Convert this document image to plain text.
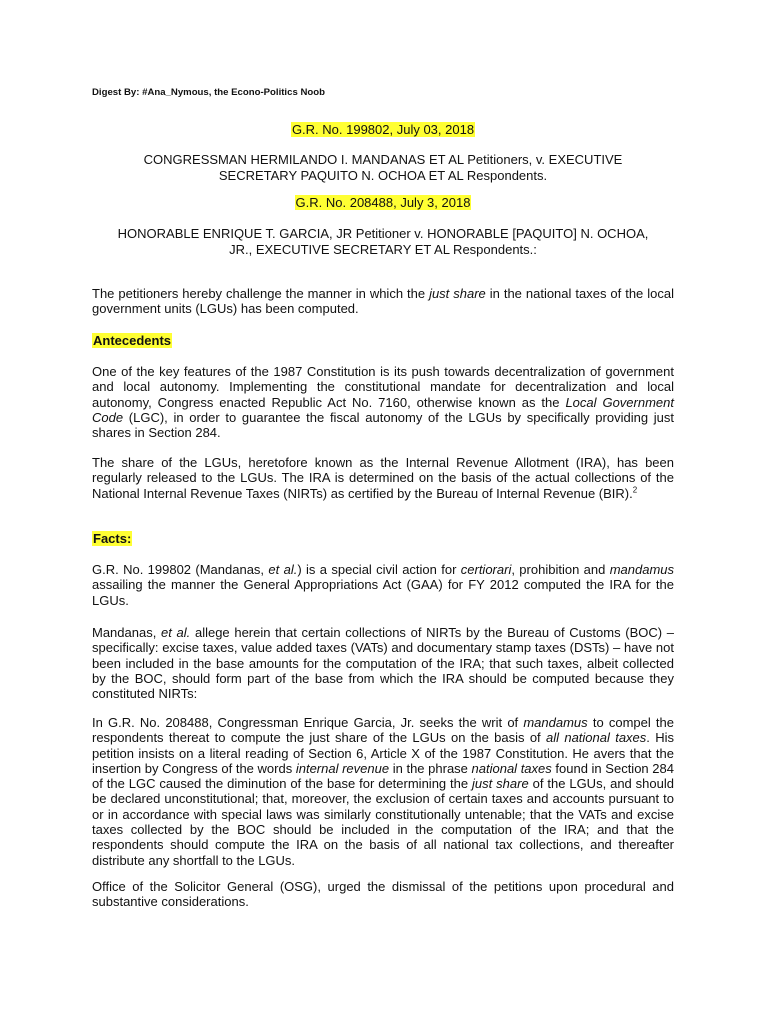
Digest By: #Ana_Nymous, the Econo-Politics Noob
G.R. No. 199802, July 03, 2018
CONGRESSMAN HERMILANDO I. MANDANAS ET AL Petitioners, v. EXECUTIVE
SECRETARY PAQUITO N. OCHOA ET AL Respondents.
G.R. No. 208488, July 3, 2018
HONORABLE ENRIQUE T. GARCIA, JR Petitioner v. HONORABLE [PAQUITO] N. OCHOA,
JR., EXECUTIVE SECRETARY ET AL Respondents.:

The petitioners hereby challenge the manner in which the just share in the national taxes of the local government units (LGUs) has been computed.

Antecedents

One of the key features of the 1987 Constitution is its push towards decentralization of government and local autonomy. Implementing the constitutional mandate for decentralization and local autonomy, Congress enacted Republic Act No. 7160, otherwise known as the Local Government Code (LGC), in order to guarantee the fiscal autonomy of the LGUs by specifically providing just shares in Section 284.

The share of the LGUs, heretofore known as the Internal Revenue Allotment (IRA), has been regularly released to the LGUs. The IRA is determined on the basis of the actual collections of the National Internal Revenue Taxes (NIRTs) as certified by the Bureau of Internal Revenue (BIR).$^2$

Facts:

G.R. No. 199802 (Mandanas, et al.) is a special civil action for certiorari, prohibition and mandamus assailing the manner the General Appropriations Act (GAA) for FY 2012 computed the IRA for the LGUs.

Mandanas, et al. allege herein that certain collections of NIRTs by the Bureau of Customs (BOC) – specifically: excise taxes, value added taxes (VATs) and documentary stamp taxes (DSTs) – have not been included in the base amounts for the computation of the IRA; that such taxes, albeit collected by the BOC, should form part of the base from which the IRA should be computed because they constituted NIRTs:

In G.R. No. 208488, Congressman Enrique Garcia, Jr. seeks the writ of mandamus to compel the respondents thereat to compute the just share of the LGUs on the basis of all national taxes. His petition insists on a literal reading of Section 6, Article X of the 1987 Constitution. He avers that the insertion by Congress of the words internal revenue in the phrase national taxes found in Section 284 of the LGC caused the diminution of the base for determining the just share of the LGUs, and should be declared unconstitutional; that, moreover, the exclusion of certain taxes and accounts pursuant to or in accordance with special laws was similarly constitutionally untenable; that the VATs and excise taxes collected by the BOC should be included in the computation of the IRA; and that the respondents should compute the IRA on the basis of all national tax collections, and thereafter distribute any shortfall to the LGUs.

Office of the Solicitor General (OSG), urged the dismissal of the petitions upon procedural and substantive considerations.
